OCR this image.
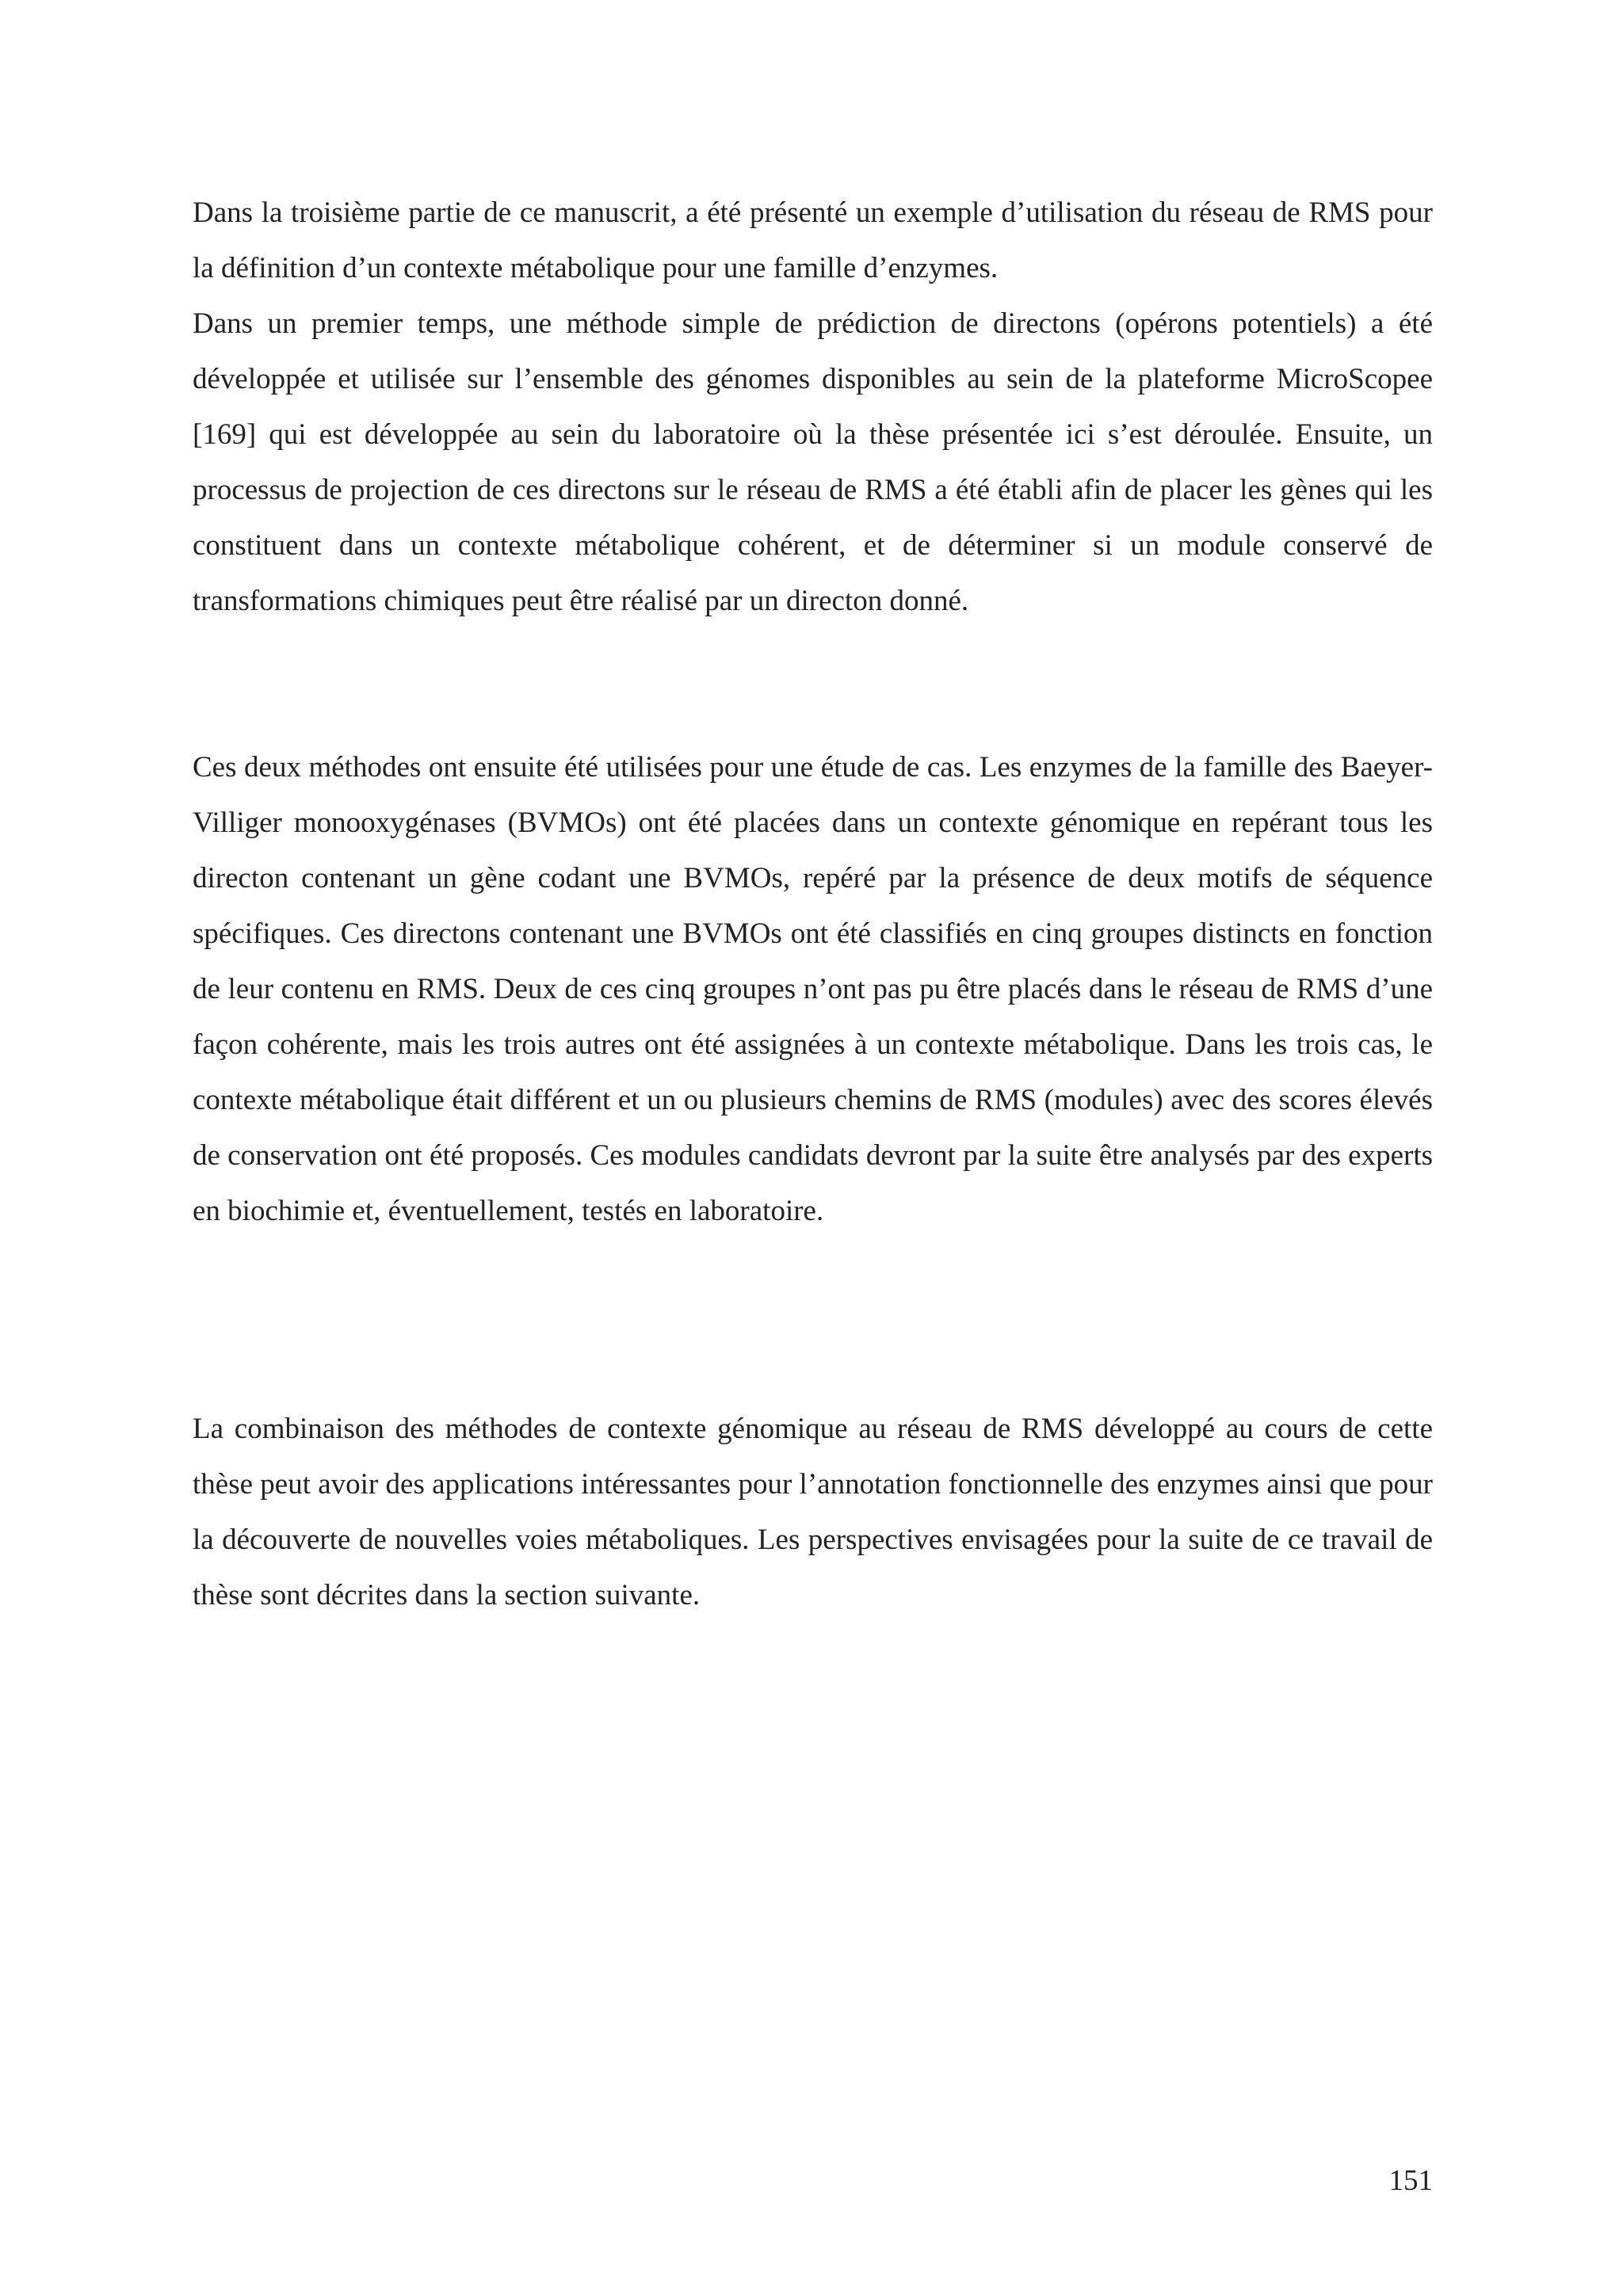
Dans la troisième partie de ce manuscrit, a été présenté un exemple d’utilisation du réseau de RMS pour la définition d’un contexte métabolique pour une famille d’enzymes.

Dans un premier temps, une méthode simple de prédiction de directons (opérons potentiels) a été développée et utilisée sur l’ensemble des génomes disponibles au sein de la plateforme MicroScopee [169] qui est développée au sein du laboratoire où la thèse présentée ici s’est déroulée. Ensuite, un processus de projection de ces directons sur le réseau de RMS a été établi afin de placer les gènes qui les constituent dans un contexte métabolique cohérent, et de déterminer si un module conservé de transformations chimiques peut être réalisé par un directon donné.

Ces deux méthodes ont ensuite été utilisées pour une étude de cas. Les enzymes de la famille des Baeyer-Villiger monooxygénases (BVMOs) ont été placées dans un contexte génomique en repérant tous les directon contenant un gène codant une BVMOs, repéré par la présence de deux motifs de séquence spécifiques. Ces directons contenant une BVMOs ont été classifiés en cinq groupes distincts en fonction de leur contenu en RMS. Deux de ces cinq groupes n’ont pas pu être placés dans le réseau de RMS d’une façon cohérente, mais les trois autres ont été assignées à un contexte métabolique. Dans les trois cas, le contexte métabolique était différent et un ou plusieurs chemins de RMS (modules) avec des scores élevés de conservation ont été proposés. Ces modules candidats devront par la suite être analysés par des experts en biochimie et, éventuellement, testés en laboratoire.

La combinaison des méthodes de contexte génomique au réseau de RMS développé au cours de cette thèse peut avoir des applications intéressantes pour l’annotation fonctionnelle des enzymes ainsi que pour la découverte de nouvelles voies métaboliques. Les perspectives envisagées pour la suite de ce travail de thèse sont décrites dans la section suivante.

151
